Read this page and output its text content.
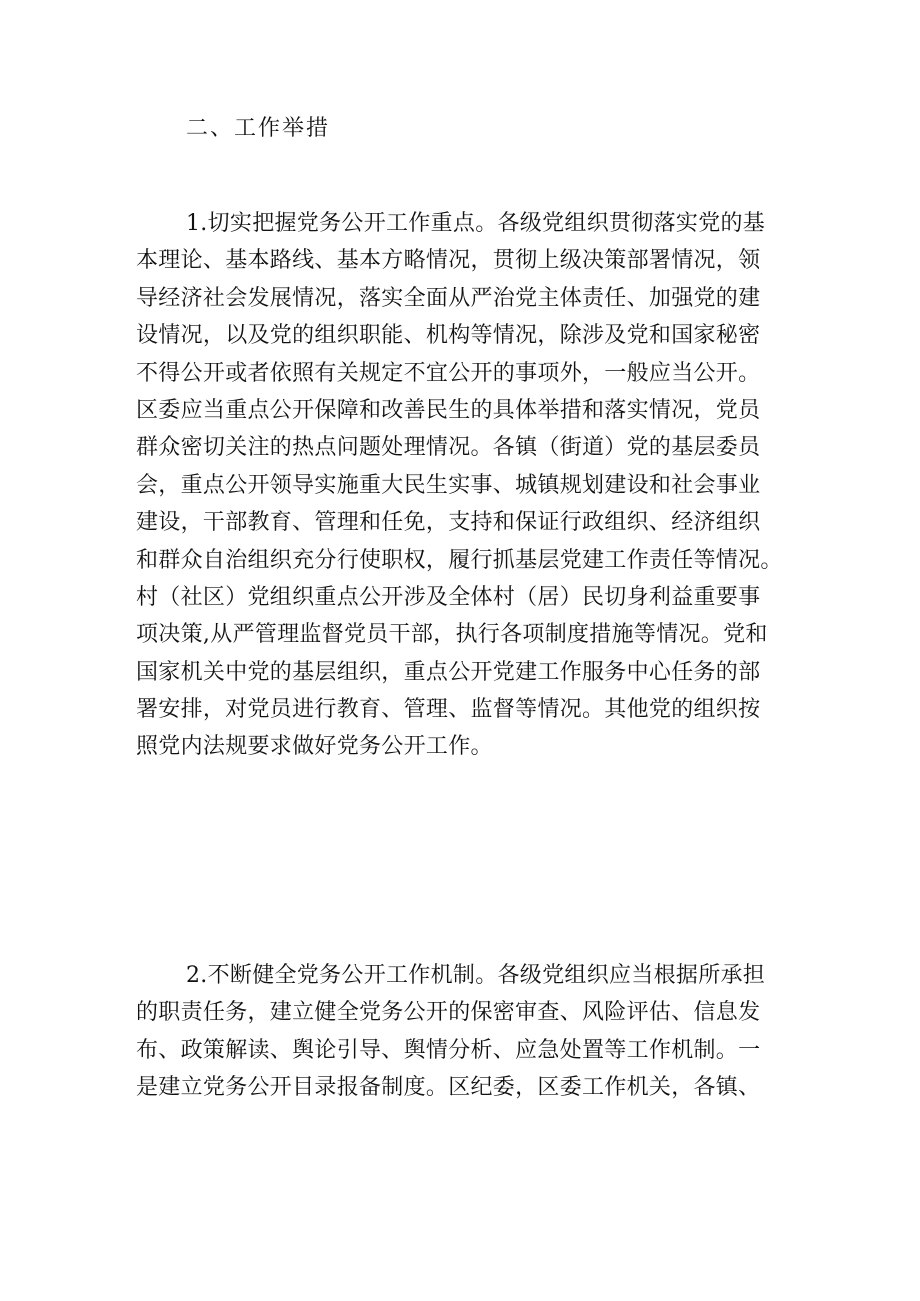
二、工作举措
1.切实把握党务公开工作重点。各级党组织贯彻落实党的基
本理论、基本路线、基本方略情况，贯彻上级决策部署情况，领
导经济社会发展情况，落实全面从严治党主体责任、加强党的建
设情况，以及党的组织职能、机构等情况，除涉及党和国家秘密
不得公开或者依照有关规定不宜公开的事项外，一般应当公开。
区委应当重点公开保障和改善民生的具体举措和落实情况，党员
群众密切关注的热点问题处理情况。各镇（街道）党的基层委员
会，重点公开领导实施重大民生实事、城镇规划建设和社会事业
建设，干部教育、管理和任免，支持和保证行政组织、经济组织
和群众自治组织充分行使职权，履行抓基层党建工作责任等情况。
村（社区）党组织重点公开涉及全体村（居）民切身利益重要事
项决策,从严管理监督党员干部，执行各项制度措施等情况。党和
国家机关中党的基层组织，重点公开党建工作服务中心任务的部
署安排，对党员进行教育、管理、监督等情况。其他党的组织按
照党内法规要求做好党务公开工作。
2.不断健全党务公开工作机制。各级党组织应当根据所承担
的职责任务，建立健全党务公开的保密审查、风险评估、信息发
布、政策解读、舆论引导、舆情分析、应急处置等工作机制。一
是建立党务公开目录报备制度。区纪委，区委工作机关，各镇、
